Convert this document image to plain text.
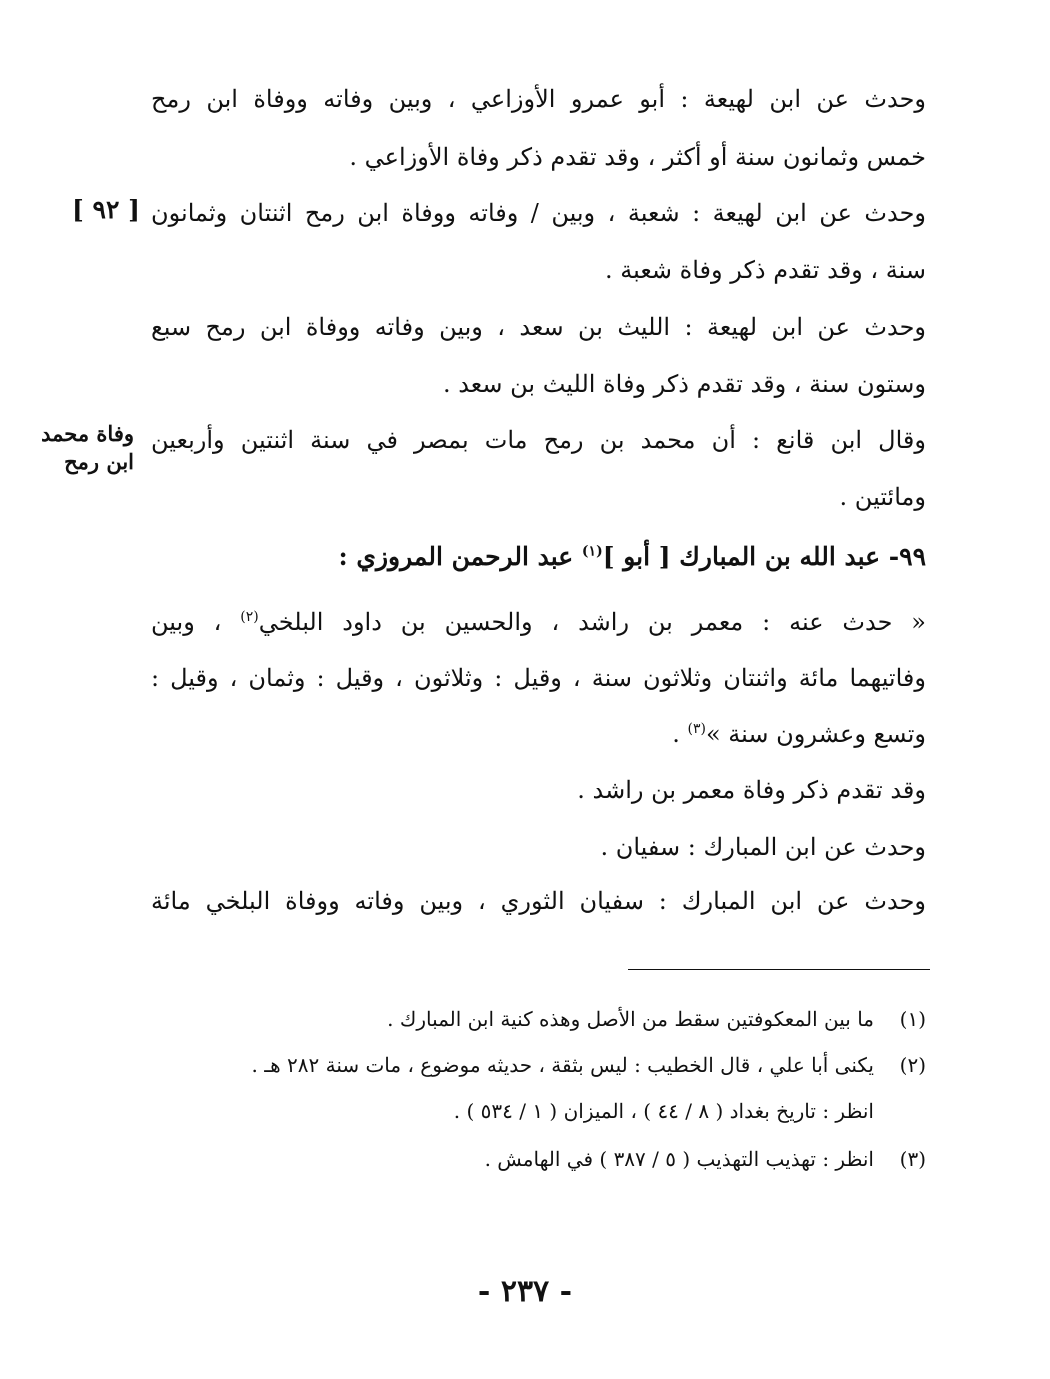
وحدث عن ابن لهيعة : أبو عمرو الأوزاعي ، وبين وفاته ووفاة ابن رمح
خمس وثمانون سنة أو أكثر ، وقد تقدم ذكر وفاة الأوزاعي .
وحدث عن ابن لهيعة : شعبة ، وبين / وفاته ووفاة ابن رمح اثنتان وثمانون
سنة ، وقد تقدم ذكر وفاة شعبة .
وحدث عن ابن لهيعة : الليث بن سعد ، وبين وفاته ووفاة ابن رمح سبع
وستون سنة ، وقد تقدم ذكر وفاة الليث بن سعد .
وقال ابن قانع : أن محمد بن رمح مات بمصر في سنة اثنتين وأربعين
ومائتين .
٩٩- عبد الله بن المبارك [ أبو ]$^{(١)}$ عبد الرحمن المروزي :
« حدث عنه : معمر بن راشد ، والحسين بن داود البلخي$^{(٢)}$ ، وبين
وفاتيهما مائة واثنتان وثلاثون سنة ، وقيل : وثلاثون ، وقيل : وثمان ، وقيل :
وتسع وعشرون سنة »$^{(٣)}$ .
وقد تقدم ذكر وفاة معمر بن راشد .
وحدث عن ابن المبارك : سفيان .
وحدث عن ابن المبارك : سفيان الثوري ، وبين وفاته ووفاة البلخي مائة
[ ٩٢ ]
وفاة محمد
ابن رمح
(١)ما بين المعكوفتين سقط من الأصل وهذه كنية ابن المبارك .
(٢)يكنى أبا علي ، قال الخطيب : ليس بثقة ، حديثه موضوع ، مات سنة ٢٨٢ هـ .
انظر : تاريخ بغداد ( ٨ / ٤٤ ) ، الميزان ( ١ / ٥٣٤ ) .
(٣)انظر : تهذيب التهذيب ( ٥ / ٣٨٧ ) في الهامش .
- ٢٣٧ -
